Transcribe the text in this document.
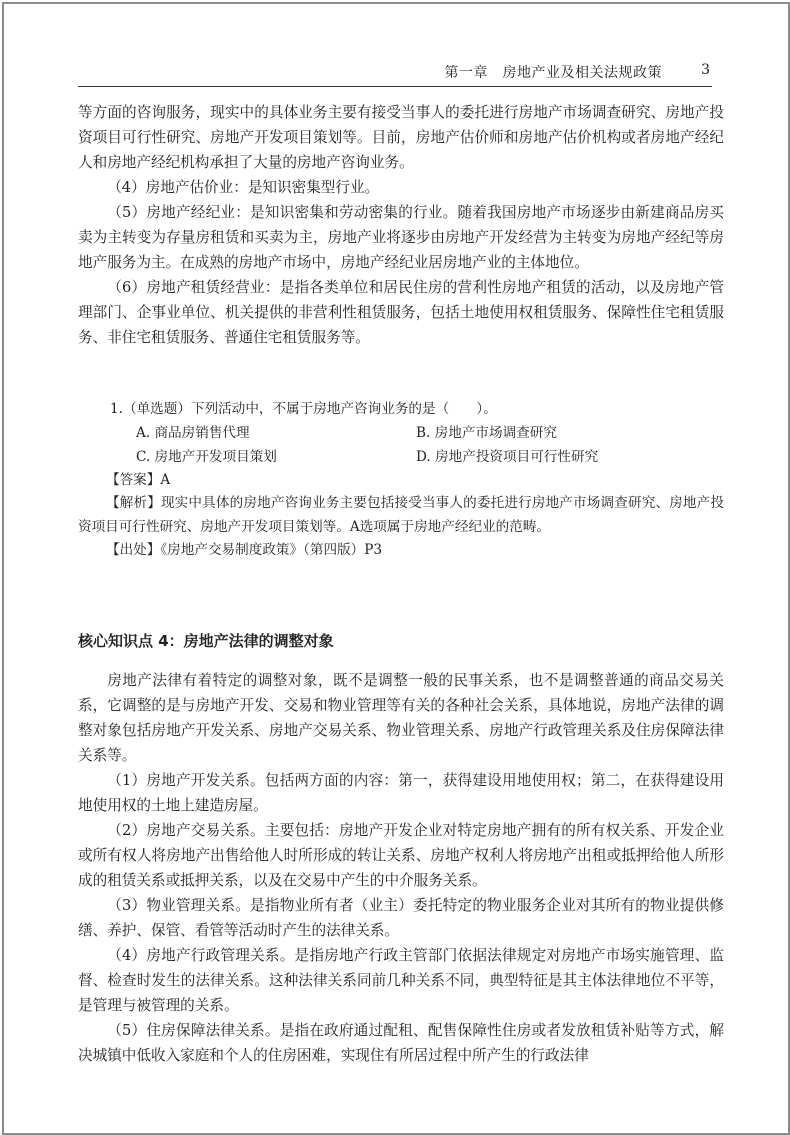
第一章　房地产业及相关法规政策	3

等方面的咨询服务，现实中的具体业务主要有接受当事人的委托进行房地产市场调查研究、房地产投资项目可行性研究、房地产开发项目策划等。目前，房地产估价师和房地产估价机构或者房地产经纪人和房地产经纪机构承担了大量的房地产咨询业务。

（4）房地产估价业：是知识密集型行业。

（5）房地产经纪业：是知识密集和劳动密集的行业。随着我国房地产市场逐步由新建商品房买卖为主转变为存量房租赁和买卖为主，房地产业将逐步由房地产开发经营为主转变为房地产经纪等房地产服务为主。在成熟的房地产市场中，房地产经纪业居房地产业的主体地位。

（6）房地产租赁经营业：是指各类单位和居民住房的营利性房地产租赁的活动，以及房地产管理部门、企事业单位、机关提供的非营利性租赁服务，包括土地使用权租赁服务、保障性住宅租赁服务、非住宅租赁服务、普通住宅租赁服务等。

1.（单选题）下列活动中，不属于房地产咨询业务的是（　　）。

A. 商品房销售代理	B. 房地产市场调查研究
C. 房地产开发项目策划	D. 房地产投资项目可行性研究

【答案】A

【解析】现实中具体的房地产咨询业务主要包括接受当事人的委托进行房地产市场调查研究、房地产投资项目可行性研究、房地产开发项目策划等。A选项属于房地产经纪业的范畴。

【出处】《房地产交易制度政策》（第四版）P3

核心知识点 4：房地产法律的调整对象

房地产法律有着特定的调整对象，既不是调整一般的民事关系，也不是调整普通的商品交易关系，它调整的是与房地产开发、交易和物业管理等有关的各种社会关系，具体地说，房地产法律的调整对象包括房地产开发关系、房地产交易关系、物业管理关系、房地产行政管理关系及住房保障法律关系等。

（1）房地产开发关系。包括两方面的内容：第一，获得建设用地使用权；第二，在获得建设用地使用权的土地上建造房屋。

（2）房地产交易关系。主要包括：房地产开发企业对特定房地产拥有的所有权关系、开发企业或所有权人将房地产出售给他人时所形成的转让关系、房地产权利人将房地产出租或抵押给他人所形成的租赁关系或抵押关系，以及在交易中产生的中介服务关系。

（3）物业管理关系。是指物业所有者（业主）委托特定的物业服务企业对其所有的物业提供修缮、养护、保管、看管等活动时产生的法律关系。

（4）房地产行政管理关系。是指房地产行政主管部门依据法律规定对房地产市场实施管理、监督、检查时发生的法律关系。这种法律关系同前几种关系不同，典型特征是其主体法律地位不平等，是管理与被管理的关系。

（5）住房保障法律关系。是指在政府通过配租、配售保障性住房或者发放租赁补贴等方式，解决城镇中低收入家庭和个人的住房困难，实现住有所居过程中所产生的行政法律
